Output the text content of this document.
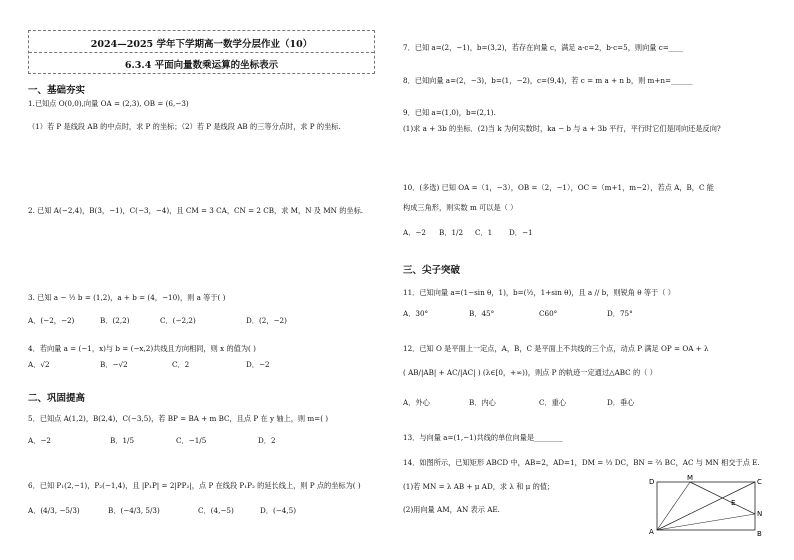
2024—2025 学年下学期高一数学分层作业（10）
6.3.4 平面向量数乘运算的坐标表示
一、基础夯实
1.已知点 O(0,0),向量 OA = (2,3), OB = (6,−3)
（1）若 P 是线段 AB 的中点时，求 P 的坐标；（2）若 P 是线段 AB 的三等分点时，求 P 的坐标.
2. 已知 A(−2,4)，B(3，−1)，C(−3，−4)，且 CM = 3 CA，CN = 2 CB，求 M，N 及 MN 的坐标.
3. 已知 a − ½ b = (1,2)，a + b = (4，−10)，则 a 等于( )
A．(−2，−2)	B．(2,2)	C．(−2,2)	D．(2，−2)
4．若向量 a = (−1，x)与 b = (−x,2)共线且方向相同，则 x 的值为( )
A．√2	B．−√2	C．2	D．−2
二、巩固提高
5．已知点 A(1,2)，B(2,4)，C(−3,5)，若 BP = BA + m BC，且点 P 在 y 轴上，则 m=( )
A．−2	B．1/5	C．−1/5	D．2
6．已知 P₁(2,−1)，P₂(−1,4)，且 |P₁P| = 2|PP₂|，点 P 在线段 P₁P₂ 的延长线上，则 P 点的坐标为( )
A．(4/3, −5/3)	B．(−4/3, 5/3)	C．(4,−5)	D．(−4,5)
7．已知 a=(2，−1)，b=(3,2)，若存在向量 c，满足 a·c=2，b·c=5，则向量 c=____
8．已知向量 a=(2，−3)，b=(1，−2)，c=(9,4)，若 c = m a + n b，则 m+n=______
9．已知 a=(1,0)，b=(2,1).
(1)求 a + 3b 的坐标．(2)当 k 为何实数时，ka − b 与 a + 3b 平行，平行时它们是同向还是反向?
10．(多选) 已知 OA =（1，−3），OB =（2，−1），OC =（m+1，m−2），若点 A，B，C 能
构成三角形，则实数 m 可以是（ ）
A．−2 B．1/2 C．1 D．−1
三、尖子突破
11．已知向量 a=(1−sin θ，1)，b=(½，1+sin θ)，且 a // b，则锐角 θ 等于（ ）
A．30°	B．45°	C60°	D．75°
12．已知 O 是平面上一定点，A，B，C 是平面上不共线的三个点，动点 P 满足 OP = OA + λ
( AB/|AB| + AC/|AC| ) (λ∈[0，+∞))，则点 P 的轨迹一定通过△ABC 的（ ）
A．外心	B．内心	C．重心	D．垂心
13．与向量 a=(1,−1)共线的单位向量是________
14．如图所示，已知矩形 ABCD 中，AB=2，AD=1，DM = ⅓ DC，BN = ⅔ BC，AC 与 MN 相交于点 E.
(1)若 MN = λ AB + μ AD，求 λ 和 μ 的值；
(2)用向量 AM，AN 表示 AE.
A	B
C
D	M
N
E
